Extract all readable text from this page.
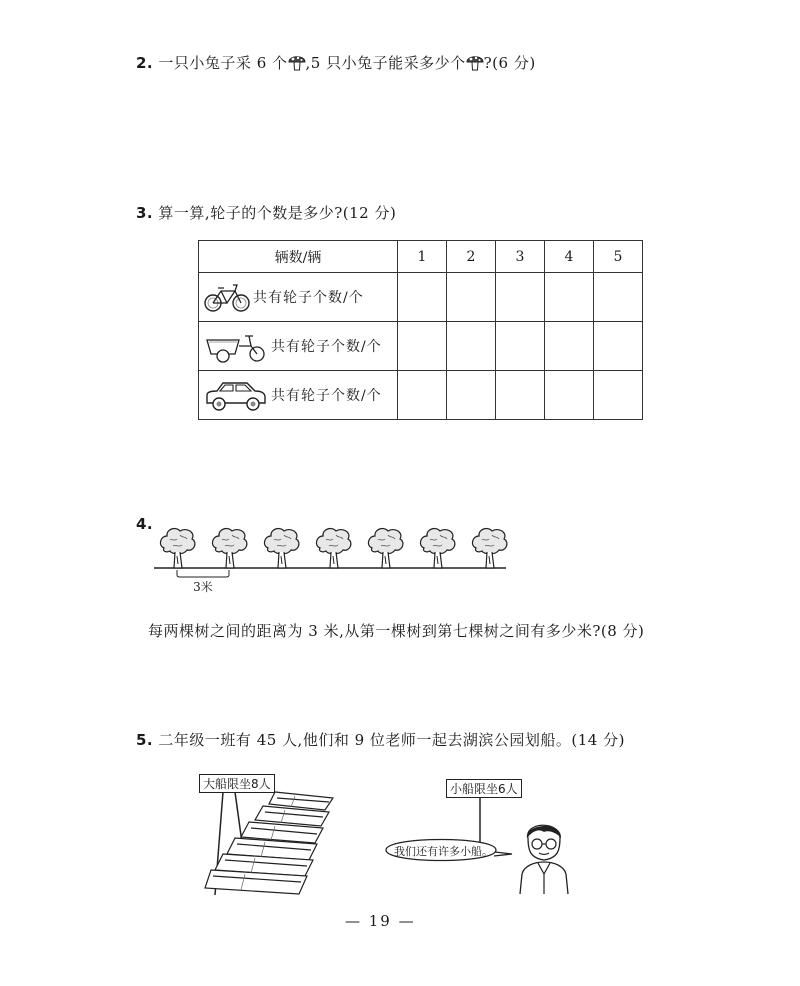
2. 一只小兔子采 6 个 ,5 只小兔子能采多少个 ?(6 分)
3. 算一算,轮子的个数是多少?(12 分)
辆数/辆	1	2	3	4	5

共有轮子个数/个					

共有轮子个数/个					

共有轮子个数/个					

4.
3米
每两棵树之间的距离为 3 米,从第一棵树到第七棵树之间有多少米?(8 分)
5. 二年级一班有 45 人,他们和 9 位老师一起去湖滨公园划船。(14 分)
大船限坐8人	小船限坐6人
我们还有许多小船。
— 19 —
